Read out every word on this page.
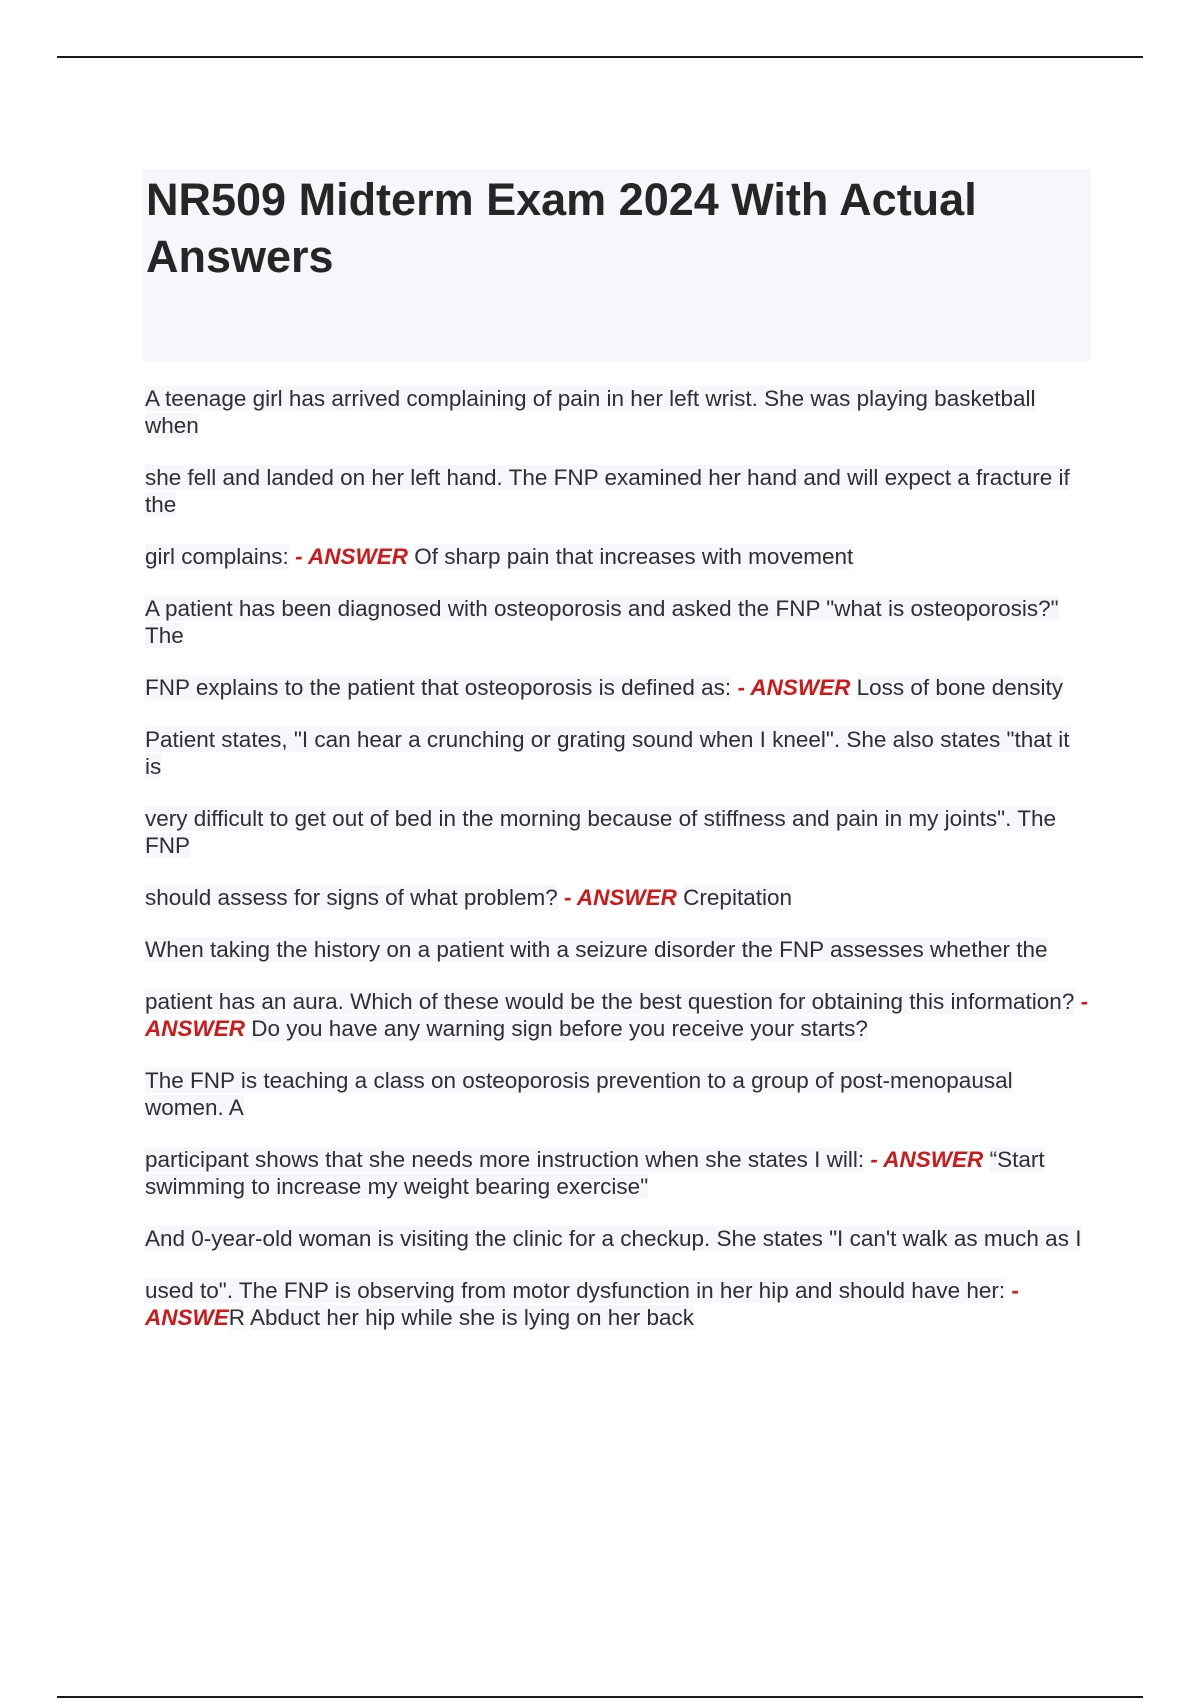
NR509 Midterm Exam 2024 With Actual Answers

A teenage girl has arrived complaining of pain in her left wrist. She was playing basketball when

she fell and landed on her left hand. The FNP examined her hand and will expect a fracture if the

girl complains: - ANSWER Of sharp pain that increases with movement

A patient has been diagnosed with osteoporosis and asked the FNP "what is osteoporosis?" The

FNP explains to the patient that osteoporosis is defined as: - ANSWER Loss of bone density

Patient states, "I can hear a crunching or grating sound when I kneel". She also states "that it is

very difficult to get out of bed in the morning because of stiffness and pain in my joints". The FNP

should assess for signs of what problem? - ANSWER Crepitation

When taking the history on a patient with a seizure disorder the FNP assesses whether the

patient has an aura. Which of these would be the best question for obtaining this information? - ANSWER Do you have any warning sign before you receive your starts?

The FNP is teaching a class on osteoporosis prevention to a group of post-menopausal women. A

participant shows that she needs more instruction when she states I will: - ANSWER “Start swimming to increase my weight bearing exercise"

And 0-year-old woman is visiting the clinic for a checkup. She states "I can't walk as much as I

used to". The FNP is observing from motor dysfunction in her hip and should have her: - ANSWER Abduct her hip while she is lying on her back
